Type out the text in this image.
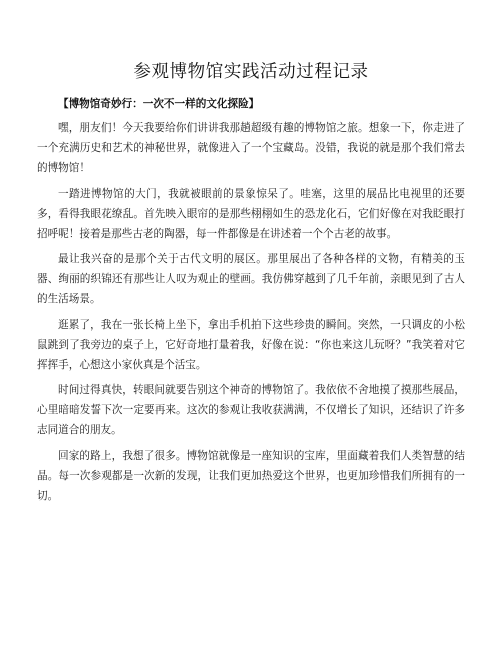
参观博物馆实践活动过程记录
【博物馆奇妙行：一次不一样的文化探险】

嘿，朋友们！今天我要给你们讲讲我那趟超级有趣的博物馆之旅。想象一下，你走进了一个充满历史和艺术的神秘世界，就像进入了一个宝藏岛。没错，我说的就是那个我们常去的博物馆！

一踏进博物馆的大门，我就被眼前的景象惊呆了。哇塞，这里的展品比电视里的还要多，看得我眼花缭乱。首先映入眼帘的是那些栩栩如生的恐龙化石，它们好像在对我眨眼打招呼呢！接着是那些古老的陶器，每一件都像是在讲述着一个个古老的故事。

最让我兴奋的是那个关于古代文明的展区。那里展出了各种各样的文物，有精美的玉器、绚丽的织锦还有那些让人叹为观止的壁画。我仿佛穿越到了几千年前，亲眼见到了古人的生活场景。

逛累了，我在一张长椅上坐下，拿出手机拍下这些珍贵的瞬间。突然，一只调皮的小松鼠跳到了我旁边的桌子上，它好奇地打量着我，好像在说：“你也来这儿玩呀？”我笑着对它挥挥手，心想这小家伙真是个活宝。

时间过得真快，转眼间就要告别这个神奇的博物馆了。我依依不舍地摸了摸那些展品，心里暗暗发誓下次一定要再来。这次的参观让我收获满满，不仅增长了知识，还结识了许多志同道合的朋友。

回家的路上，我想了很多。博物馆就像是一座知识的宝库，里面藏着我们人类智慧的结晶。每一次参观都是一次新的发现，让我们更加热爱这个世界，也更加珍惜我们所拥有的一切。
